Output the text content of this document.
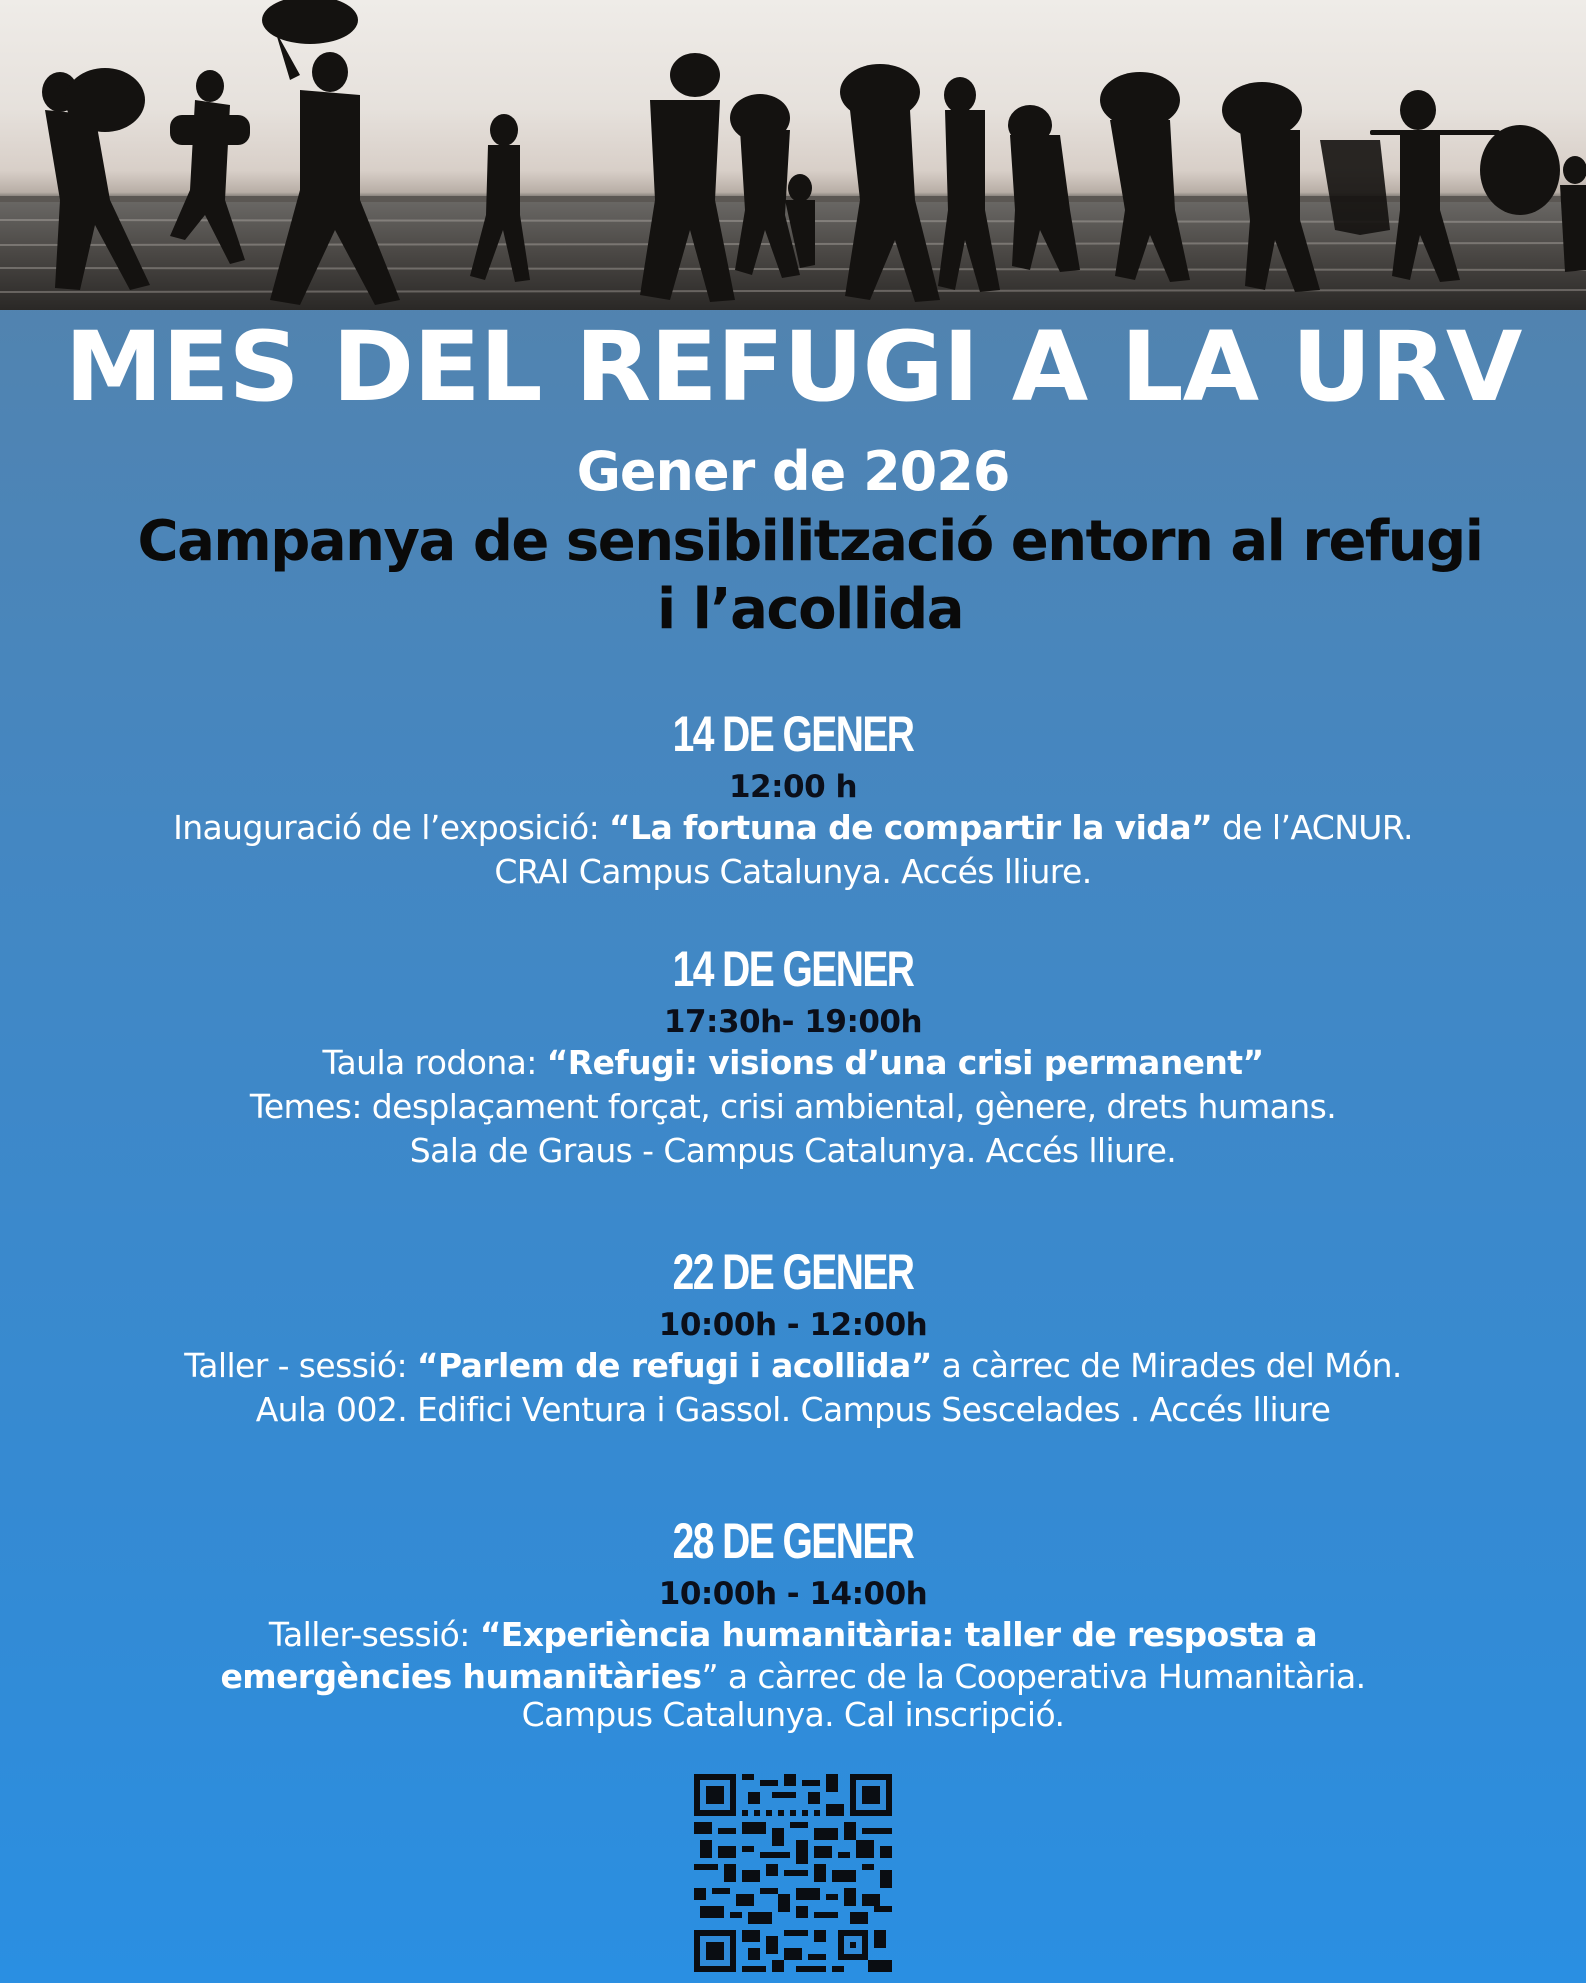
MES DEL REFUGI A LA URV
Gener de 2026
Campanya de sensibilització entorn al refugi
i l’acollida
14 DE GENER
12:00 h
Inauguració de l’exposició: “La fortuna de compartir la vida” de l’ACNUR.
CRAI Campus Catalunya. Accés lliure.
14 DE GENER
17:30h- 19:00h
Taula rodona: “Refugi: visions d’una crisi permanent”
Temes: desplaçament forçat, crisi ambiental, gènere, drets humans.
Sala de Graus - Campus Catalunya. Accés lliure.
22 DE GENER
10:00h - 12:00h
Taller - sessió: “Parlem de refugi i acollida” a càrrec de Mirades del Món.
Aula 002. Edifici Ventura i Gassol. Campus Sescelades . Accés lliure
28 DE GENER
10:00h - 14:00h
Taller-sessió: “Experiència humanitària: taller de resposta a
emergències humanitàries” a càrrec de la Cooperativa Humanitària.
Campus Catalunya. Cal inscripció.
